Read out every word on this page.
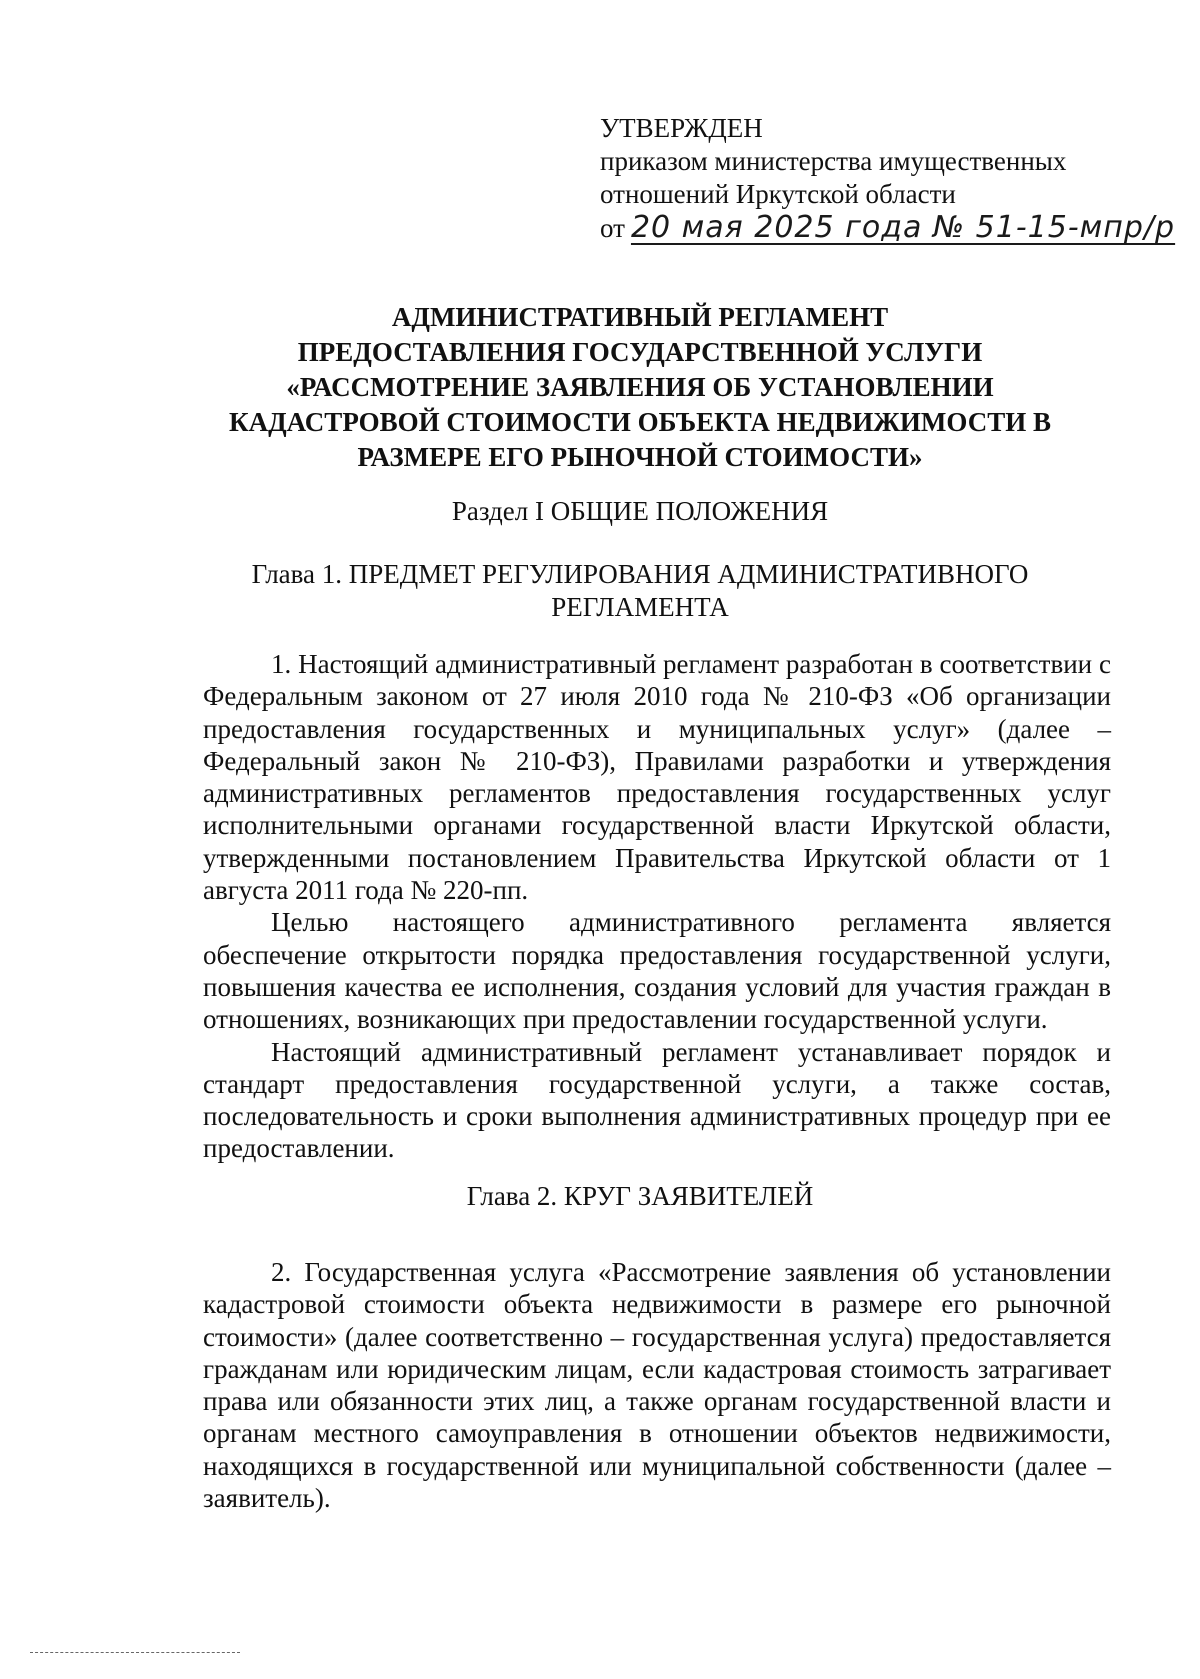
УТВЕРЖДЕН
приказом министерства имущественных
отношений Иркутской области
от 20 мая 2025 года № 51-15-мпр/р
АДМИНИСТРАТИВНЫЙ РЕГЛАМЕНТ
ПРЕДОСТАВЛЕНИЯ ГОСУДАРСТВЕННОЙ УСЛУГИ
«РАССМОТРЕНИЕ ЗАЯВЛЕНИЯ ОБ УСТАНОВЛЕНИИ
КАДАСТРОВОЙ СТОИМОСТИ ОБЪЕКТА НЕДВИЖИМОСТИ В
РАЗМЕРЕ ЕГО РЫНОЧНОЙ СТОИМОСТИ»
Раздел I ОБЩИЕ ПОЛОЖЕНИЯ
Глава 1. ПРЕДМЕТ РЕГУЛИРОВАНИЯ АДМИНИСТРАТИВНОГО
РЕГЛАМЕНТА

1. Настоящий административный регламент разработан в соответствии с Федеральным законом от 27 июля 2010 года № 210-ФЗ «Об организации предоставления государственных и муниципальных услуг» (далее – Федеральный закон № 210-ФЗ), Правилами разработки и утверждения административных регламентов предоставления государственных услуг исполнительными органами государственной власти Иркутской области, утвержденными постановлением Правительства Иркутской области от 1 августа 2011 года № 220-пп.

Целью настоящего административного регламента является обеспечение открытости порядка предоставления государственной услуги, повышения качества ее исполнения, создания условий для участия граждан в отношениях, возникающих при предоставлении государственной услуги.

Настоящий административный регламент устанавливает порядок и стандарт предоставления государственной услуги, а также состав, последовательность и сроки выполнения административных процедур при ее предоставлении.

Глава 2. КРУГ ЗАЯВИТЕЛЕЙ

2. Государственная услуга «Рассмотрение заявления об установлении кадастровой стоимости объекта недвижимости в размере его рыночной стоимости» (далее соответственно – государственная услуга) предоставляется гражданам или юридическим лицам, если кадастровая стоимость затрагивает права или обязанности этих лиц, а также органам государственной власти и органам местного самоуправления в отношении объектов недвижимости, находящихся в государственной или муниципальной собственности (далее – заявитель).
